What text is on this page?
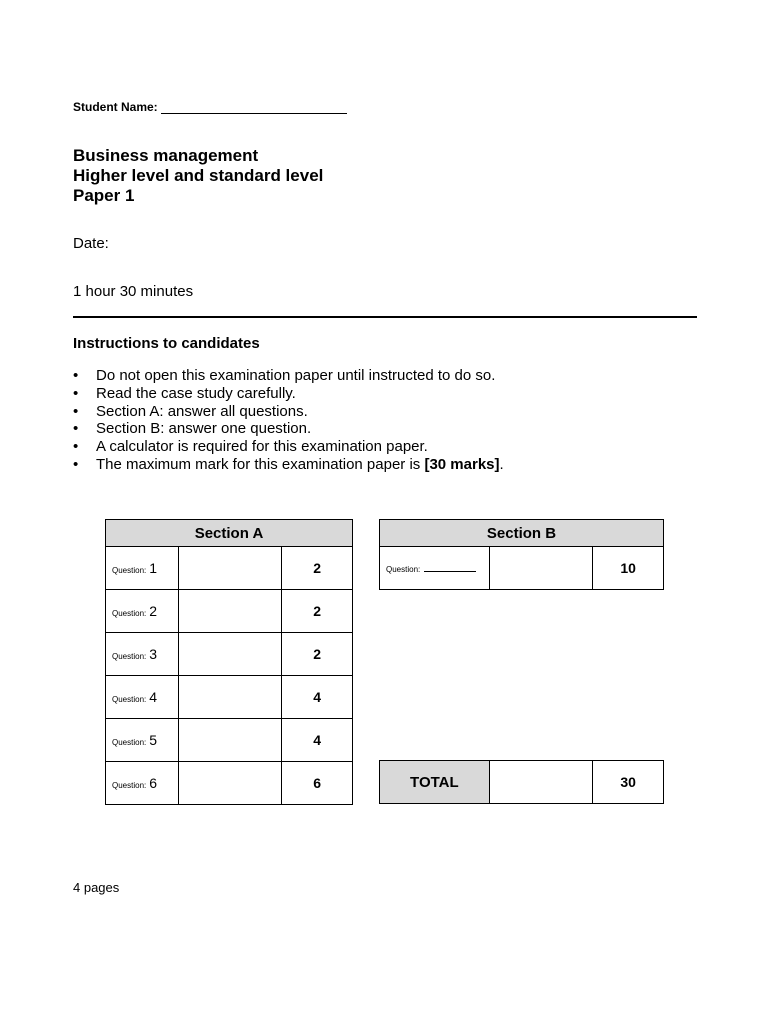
Student Name:
Business management
Higher level and standard level
Paper 1
Date:
1 hour 30 minutes
Instructions to candidates
• Do not open this examination paper until instructed to do so.
• Read the case study carefully.
• Section A: answer all questions.
• Section B: answer one question.
• A calculator is required for this examination paper.
• The maximum mark for this examination paper is [30 marks].
Section A		
Question: 1		2
Question: 2		2
Question: 3		2
Question: 4		4
Question: 5		4
Question: 6		6
Section B
Question:		10
TOTAL		30
4 pages
